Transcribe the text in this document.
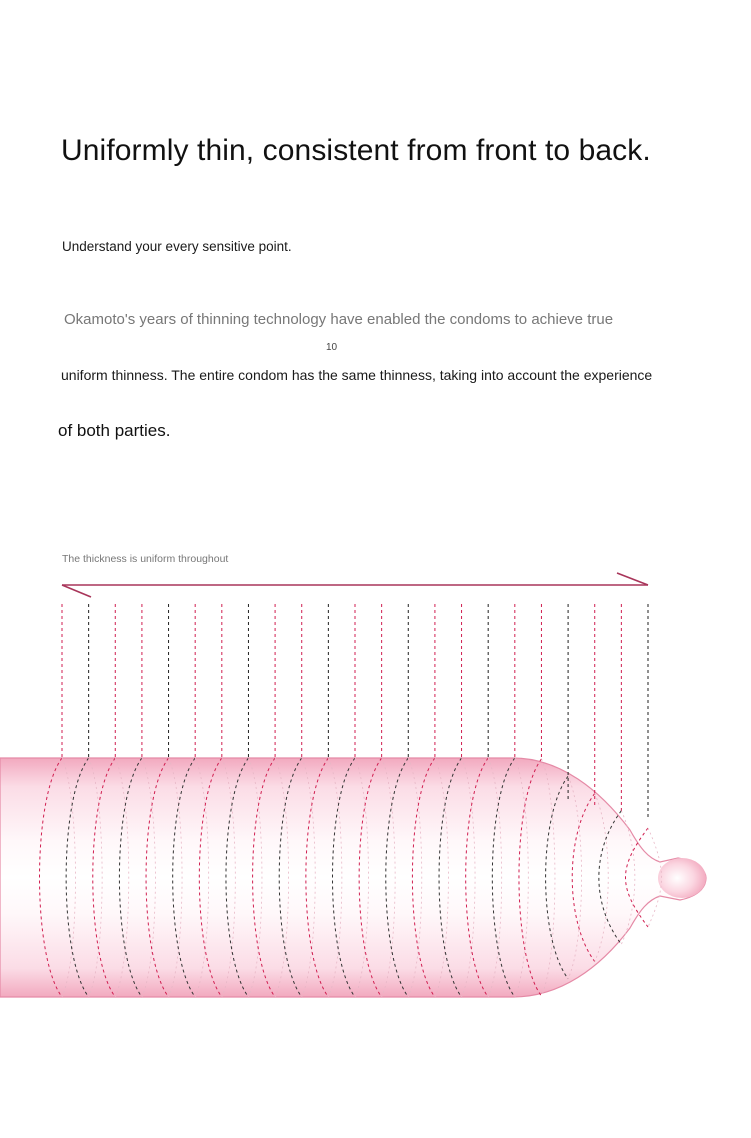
Uniformly thin, consistent from front to back.

Understand your every sensitive point.

Okamoto's years of thinning technology have enabled the condoms to achieve true

10

uniform thinness. The entire condom has the same thinness, taking into account the experience

of both parties.

The thickness is uniform throughout
